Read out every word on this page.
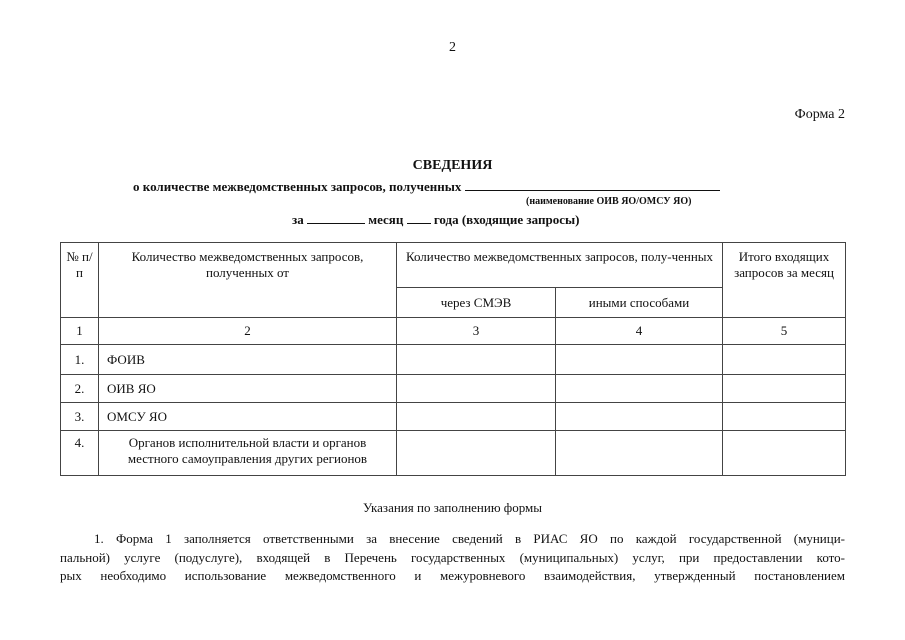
2
Форма 2
СВЕДЕНИЯ
о количестве межведомственных запросов, полученных
(наименование ОИВ ЯО/ОМСУ ЯО)
за	месяц года (входящие запросы)
№ п/п	Количество межведомственных запросов, полученных от	Количество межведомственных запросов, полу-ченных		Итого входящих запросов за месяц
		через СМЭВ	иными способами	
1	2	3	4	5
1.	ФОИВ			
2.	ОИВ ЯО			
3.	ОМСУ ЯО			
4.	Органов исполнительной власти и органов местного самоуправления других регионов			
Указания по заполнению формы
1. Форма 1 заполняется ответственными за внесение сведений в РИАС ЯО по каждой государственной (муници-
пальной) услуге (подуслуге), входящей в Перечень государственных (муниципальных) услуг, при предоставлении кото-
рых необходимо использование межведомственного и межуровневого взаимодействия, утвержденный постановлением
